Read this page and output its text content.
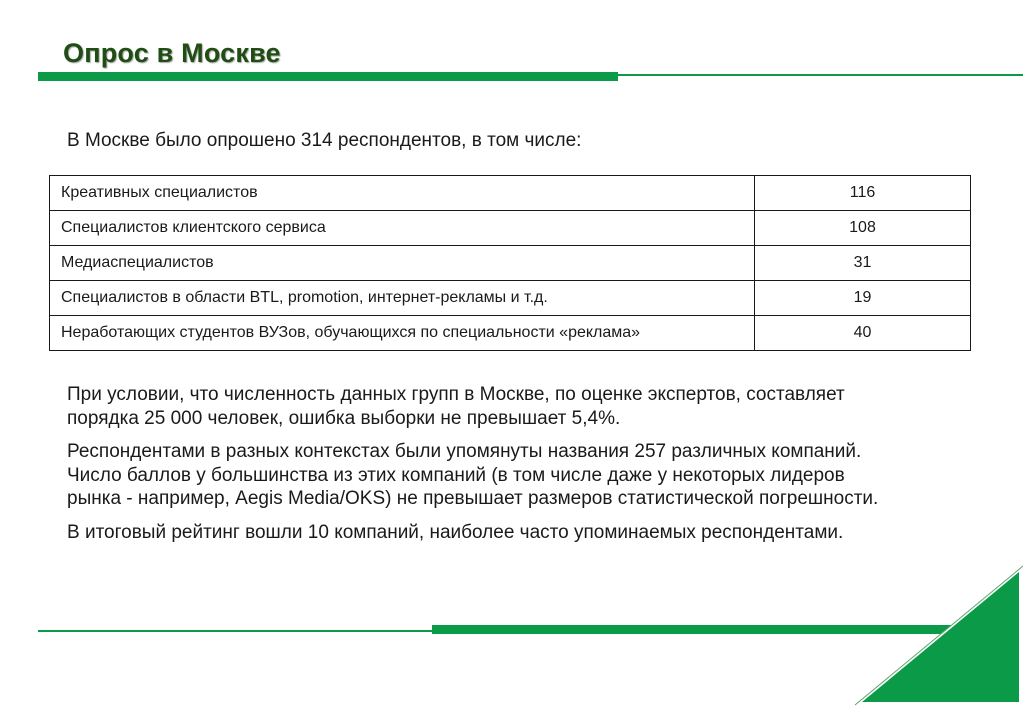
Опрос в Москве

В Москве было опрошено 314 респондентов, в том числе:

Креативных специалистов	116
Специалистов клиентского сервиса	108
Медиаспециалистов	31
Специалистов в области BTL, promotion, интернет-рекламы и т.д.	19
Неработающих студентов ВУЗов, обучающихся по специальности «реклама»	40

При условии, что численность данных групп в Москве, по оценке экспертов, составляет
порядка 25 000 человек, ошибка выборки не превышает 5,4%.

Респондентами в разных контекстах были упомянуты названия 257 различных компаний.
Число баллов у большинства из этих компаний (в том числе даже у некоторых лидеров
рынка - например, Aegis Media/OKS) не превышает размеров статистической погрешности.

В итоговый рейтинг вошли 10 компаний, наиболее часто упоминаемых респондентами.
